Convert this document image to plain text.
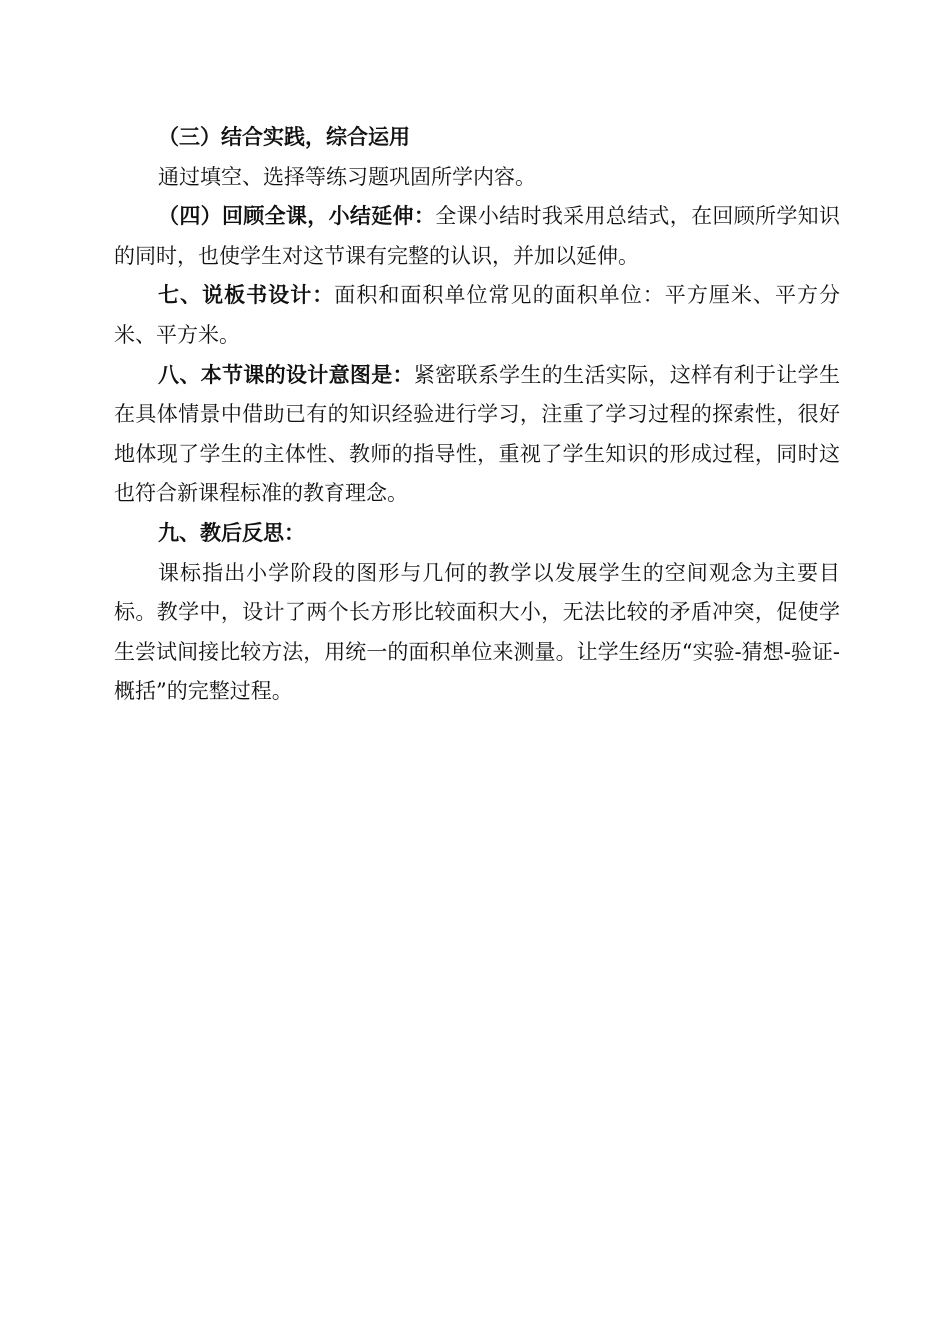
（三）结合实践，综合运用

通过填空、选择等练习题巩固所学内容。

（四）回顾全课，小结延伸：全课小结时我采用总结式，在回顾所学知识的同时，也使学生对这节课有完整的认识，并加以延伸。

七、说板书设计：面积和面积单位常见的面积单位：平方厘米、平方分米、平方米。

八、本节课的设计意图是：紧密联系学生的生活实际，这样有利于让学生在具体情景中借助已有的知识经验进行学习，注重了学习过程的探索性，很好地体现了学生的主体性、教师的指导性，重视了学生知识的形成过程，同时这也符合新课程标准的教育理念。

九、教后反思：

课标指出小学阶段的图形与几何的教学以发展学生的空间观念为主要目标。教学中，设计了两个长方形比较面积大小，无法比较的矛盾冲突，促使学生尝试间接比较方法，用统一的面积单位来测量。让学生经历“实验-猜想-验证-概括”的完整过程。
